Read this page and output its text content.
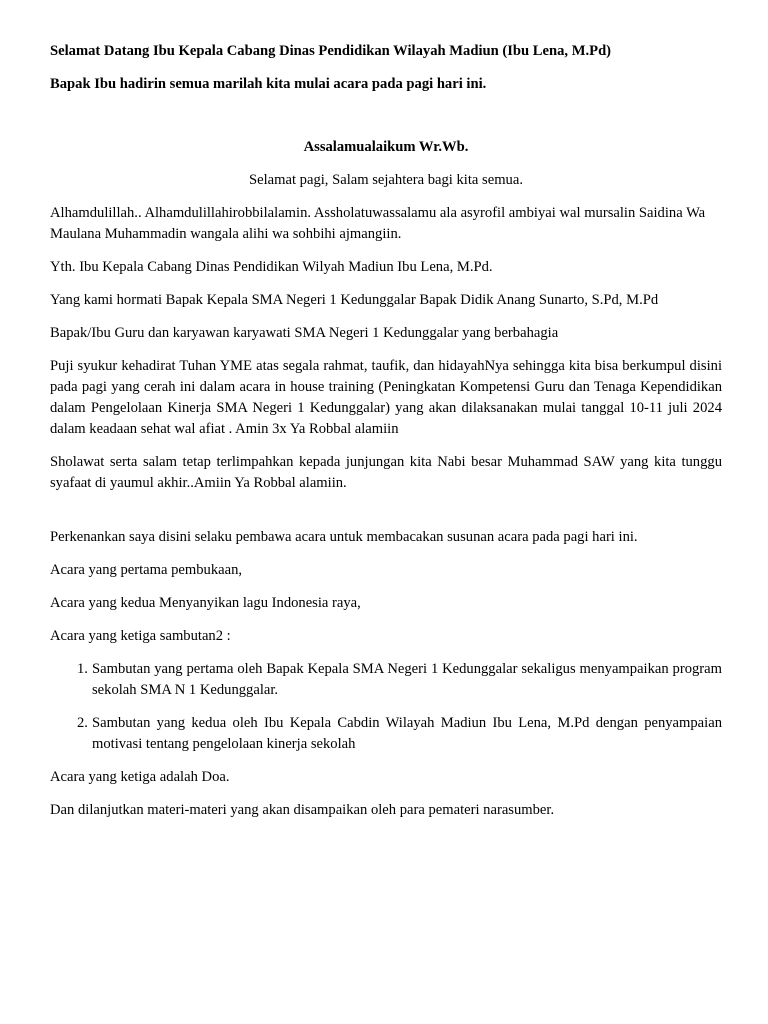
Selamat Datang Ibu Kepala Cabang Dinas Pendidikan Wilayah Madiun (Ibu Lena, M.Pd)

Bapak Ibu hadirin semua marilah kita mulai acara pada pagi hari ini.

Assalamualaikum Wr.Wb.

Selamat pagi, Salam sejahtera bagi kita semua.

Alhamdulillah.. Alhamdulillahirobbilalamin. Assholatuwassalamu ala asyrofil ambiyai wal mursalin Saidina Wa Maulana Muhammadin wangala alihi wa sohbihi ajmangiin.

Yth. Ibu Kepala Cabang Dinas Pendidikan Wilyah Madiun Ibu Lena, M.Pd.

Yang kami hormati Bapak Kepala SMA Negeri 1 Kedunggalar Bapak Didik Anang Sunarto, S.Pd, M.Pd

Bapak/Ibu Guru dan karyawan karyawati SMA Negeri 1 Kedunggalar yang berbahagia

Puji syukur kehadirat Tuhan YME atas segala rahmat, taufik, dan hidayahNya sehingga kita bisa berkumpul disini pada pagi yang cerah ini dalam acara in house training (Peningkatan Kompetensi Guru dan Tenaga Kependidikan dalam Pengelolaan Kinerja SMA Negeri 1 Kedunggalar) yang akan dilaksanakan mulai tanggal 10-11 juli 2024 dalam keadaan sehat wal afiat . Amin 3x Ya Robbal alamiin

Sholawat serta salam tetap terlimpahkan kepada junjungan kita Nabi besar Muhammad SAW yang kita tunggu syafaat di yaumul akhir..Amiin Ya Robbal alamiin.

Perkenankan saya disini selaku pembawa acara untuk membacakan susunan acara pada pagi hari ini.

Acara yang pertama pembukaan,

Acara yang kedua Menyanyikan lagu Indonesia raya,

Acara yang ketiga sambutan2 :

1. Sambutan yang pertama oleh Bapak Kepala SMA Negeri 1 Kedunggalar sekaligus menyampaikan program sekolah SMA N 1 Kedunggalar.
2. Sambutan yang kedua oleh Ibu Kepala Cabdin Wilayah Madiun Ibu Lena, M.Pd dengan penyampaian motivasi tentang pengelolaan kinerja sekolah

Acara yang ketiga adalah Doa.

Dan dilanjutkan materi-materi yang akan disampaikan oleh para pemateri narasumber.
